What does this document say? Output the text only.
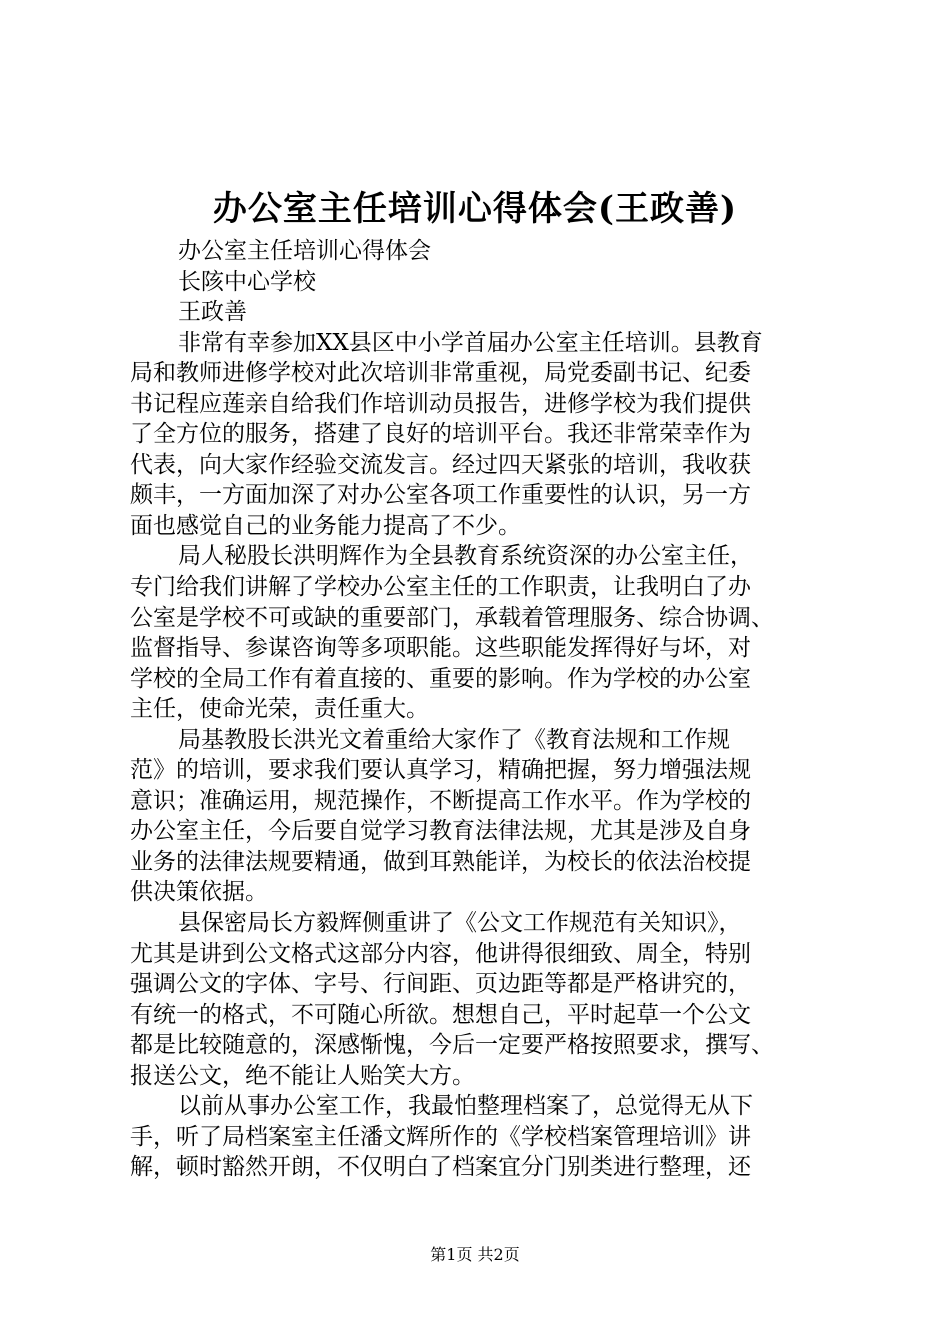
办公室主任培训心得体会(王政善)
办公室主任培训心得体会
长陔中心学校
王政善
非常有幸参加XX县区中小学首届办公室主任培训。县教育
局和教师进修学校对此次培训非常重视，局党委副书记、纪委
书记程应莲亲自给我们作培训动员报告，进修学校为我们提供
了全方位的服务，搭建了良好的培训平台。我还非常荣幸作为
代表，向大家作经验交流发言。经过四天紧张的培训，我收获
颇丰，一方面加深了对办公室各项工作重要性的认识，另一方
面也感觉自己的业务能力提高了不少。
局人秘股长洪明辉作为全县教育系统资深的办公室主任，
专门给我们讲解了学校办公室主任的工作职责，让我明白了办
公室是学校不可或缺的重要部门，承载着管理服务、综合协调、
监督指导、参谋咨询等多项职能。这些职能发挥得好与坏，对
学校的全局工作有着直接的、重要的影响。作为学校的办公室
主任，使命光荣，责任重大。
局基教股长洪光文着重给大家作了《教育法规和工作规
范》的培训，要求我们要认真学习，精确把握，努力增强法规
意识；准确运用，规范操作，不断提高工作水平。作为学校的
办公室主任，今后要自觉学习教育法律法规，尤其是涉及自身
业务的法律法规要精通，做到耳熟能详，为校长的依法治校提
供决策依据。
县保密局长方毅辉侧重讲了《公文工作规范有关知识》，
尤其是讲到公文格式这部分内容，他讲得很细致、周全，特别
强调公文的字体、字号、行间距、页边距等都是严格讲究的，
有统一的格式，不可随心所欲。想想自己，平时起草一个公文
都是比较随意的，深感惭愧，今后一定要严格按照要求，撰写、
报送公文，绝不能让人贻笑大方。
以前从事办公室工作，我最怕整理档案了，总觉得无从下
手，听了局档案室主任潘文辉所作的《学校档案管理培训》讲
解，顿时豁然开朗，不仅明白了档案宜分门别类进行整理，还
第1页 共2页
